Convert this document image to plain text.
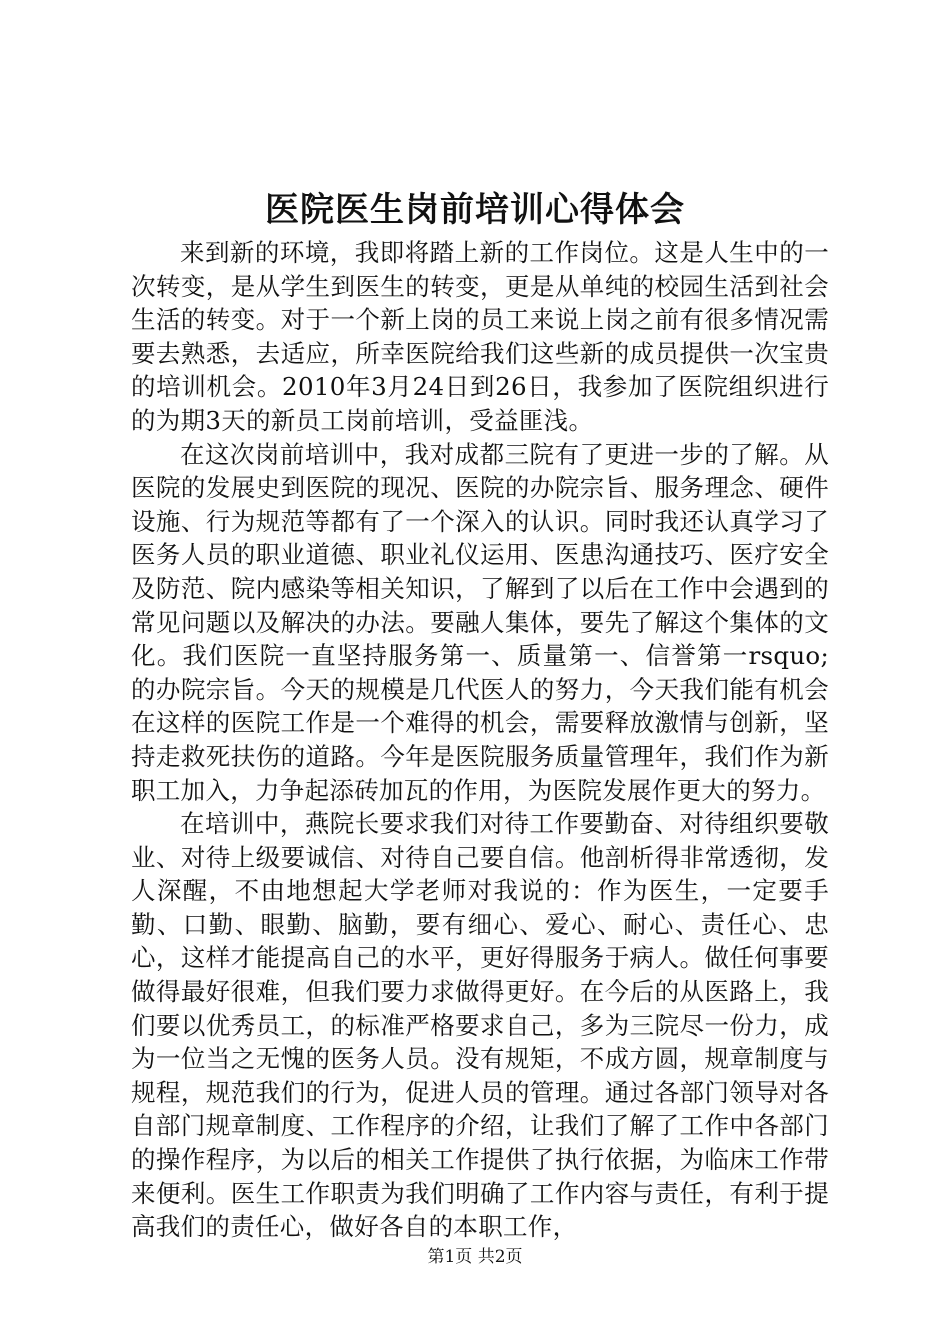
医院医生岗前培训心得体会

来到新的环境，我即将踏上新的工作岗位。这是人生中的一次转变，是从学生到医生的转变，更是从单纯的校园生活到社会生活的转变。对于一个新上岗的员工来说上岗之前有很多情况需要去熟悉，去适应，所幸医院给我们这些新的成员提供一次宝贵的培训机会。2010年3月24日到26日，我参加了医院组织进行的为期3天的新员工岗前培训，受益匪浅。

在这次岗前培训中，我对成都三院有了更进一步的了解。从医院的发展史到医院的现况、医院的办院宗旨、服务理念、硬件设施、行为规范等都有了一个深入的认识。同时我还认真学习了医务人员的职业道德、职业礼仪运用、医患沟通技巧、医疗安全及防范、院内感染等相关知识，了解到了以后在工作中会遇到的常见问题以及解决的办法。要融人集体，要先了解这个集体的文化。我们医院一直坚持服务第一、质量第一、信誉第一rsquo;的办院宗旨。今天的规模是几代医人的努力，今天我们能有机会在这样的医院工作是一个难得的机会，需要释放激情与创新，坚持走救死扶伤的道路。今年是医院服务质量管理年，我们作为新职工加入，力争起添砖加瓦的作用，为医院发展作更大的努力。

在培训中，燕院长要求我们对待工作要勤奋、对待组织要敬业、对待上级要诚信、对待自己要自信。他剖析得非常透彻，发人深醒，不由地想起大学老师对我说的：作为医生，一定要手勤、口勤、眼勤、脑勤，要有细心、爱心、耐心、责任心、忠心，这样才能提高自己的水平，更好得服务于病人。做任何事要做得最好很难，但我们要力求做得更好。在今后的从医路上，我们要以优秀员工，的标准严格要求自己，多为三院尽一份力，成为一位当之无愧的医务人员。没有规矩，不成方圆，规章制度与规程，规范我们的行为，促进人员的管理。通过各部门领导对各自部门规章制度、工作程序的介绍，让我们了解了工作中各部门的操作程序，为以后的相关工作提供了执行依据，为临床工作带来便利。医生工作职责为我们明确了工作内容与责任，有利于提高我们的责任心，做好各自的本职工作，

第1页 共2页
